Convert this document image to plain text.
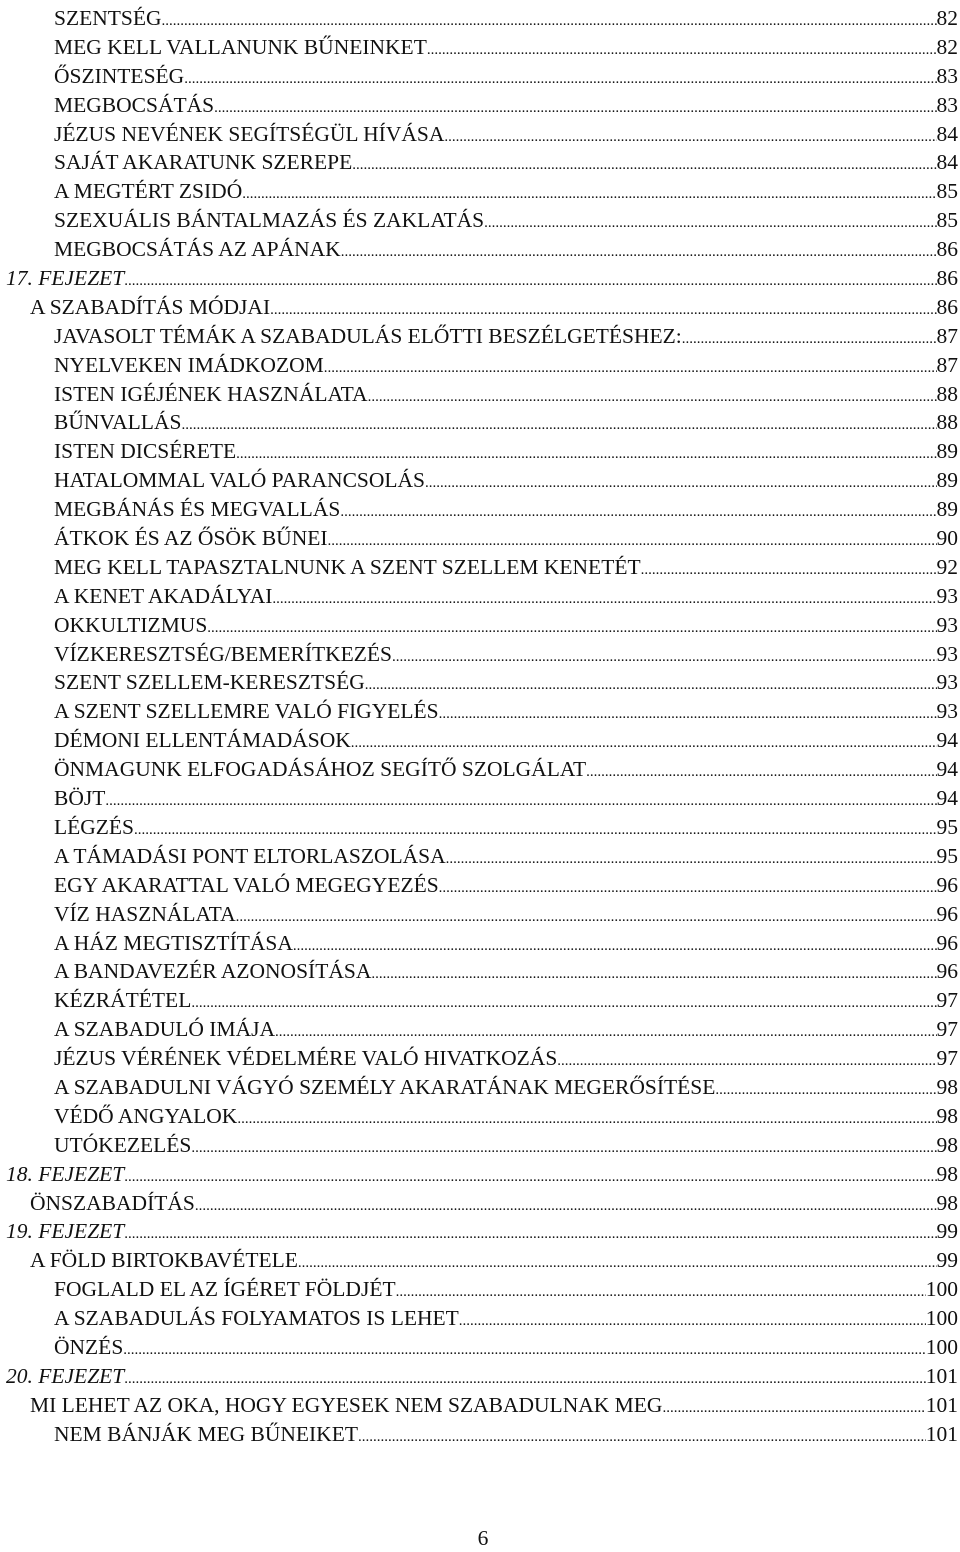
SZENTSÉG .....	82
MEG KELL VALLANUNK BŰNEINKET .....	82
ŐSZINTESÉG .....	83
MEGBOCSÁTÁS .....	83
JÉZUS NEVÉNEK SEGÍTSÉGÜL HÍVÁSA .....	84
SAJÁT AKARATUNK SZEREPE .....	84
A MEGTÉRT ZSIDÓ .....	85
SZEXUÁLIS BÁNTALMAZÁS ÉS ZAKLATÁS .....	85
MEGBOCSÁTÁS AZ APÁNAK .....	86
17. FEJEZET .....	86
A SZABADÍTÁS MÓDJAI .....	86
JAVASOLT TÉMÁK A SZABADULÁS ELŐTTI BESZÉLGETÉSHEZ: .....	87
NYELVEKEN IMÁDKOZOM .....	87
ISTEN IGÉJÉNEK HASZNÁLATA .....	88
BŰNVALLÁS .....	88
ISTEN DICSÉRETE .....	89
HATALOMMAL VALÓ PARANCSOLÁS .....	89
MEGBÁNÁS ÉS MEGVALLÁS .....	89
ÁTKOK ÉS AZ ŐSÖK BŰNEI .....	90
MEG KELL TAPASZTALNUNK A SZENT SZELLEM KENETÉT .....	92
A KENET AKADÁLYAI .....	93
OKKULTIZMUS .....	93
VÍZKERESZTSÉG/BEMERÍTKEZÉS .....	93
SZENT SZELLEM-KERESZTSÉG .....	93
A SZENT SZELLEMRE VALÓ FIGYELÉS .....	93
DÉMONI ELLENTÁMADÁSOK .....	94
ÖNMAGUNK ELFOGADÁSÁHOZ SEGÍTŐ SZOLGÁLAT .....	94
BÖJT .....	94
LÉGZÉS .....	95
A TÁMADÁSI PONT ELTORLASZOLÁSA .....	95
EGY AKARATTAL VALÓ MEGEGYEZÉS .....	96
VÍZ HASZNÁLATA .....	96
A HÁZ MEGTISZTÍTÁSA .....	96
A BANDAVEZÉR AZONOSÍTÁSA .....	96
KÉZRÁTÉTEL .....	97
A SZABADULÓ IMÁJA .....	97
JÉZUS VÉRÉNEK VÉDELMÉRE VALÓ HIVATKOZÁS .....	97
A SZABADULNI VÁGYÓ SZEMÉLY AKARATÁNAK MEGERŐSÍTÉSE .....	98
VÉDŐ ANGYALOK .....	98
UTÓKEZELÉS .....	98
18. FEJEZET .....	98
ÖNSZABADÍTÁS .....	98
19. FEJEZET .....	99
A FÖLD BIRTOKBAVÉTELE .....	99
FOGLALD EL AZ ÍGÉRET FÖLDJÉT .....	100
A SZABADULÁS FOLYAMATOS IS LEHET .....	100
ÖNZÉS .....	100
20. FEJEZET .....	101
MI LEHET AZ OKA, HOGY EGYESEK NEM SZABADULNAK MEG .....	101
NEM BÁNJÁK MEG BŰNEIKET .....	101
6
